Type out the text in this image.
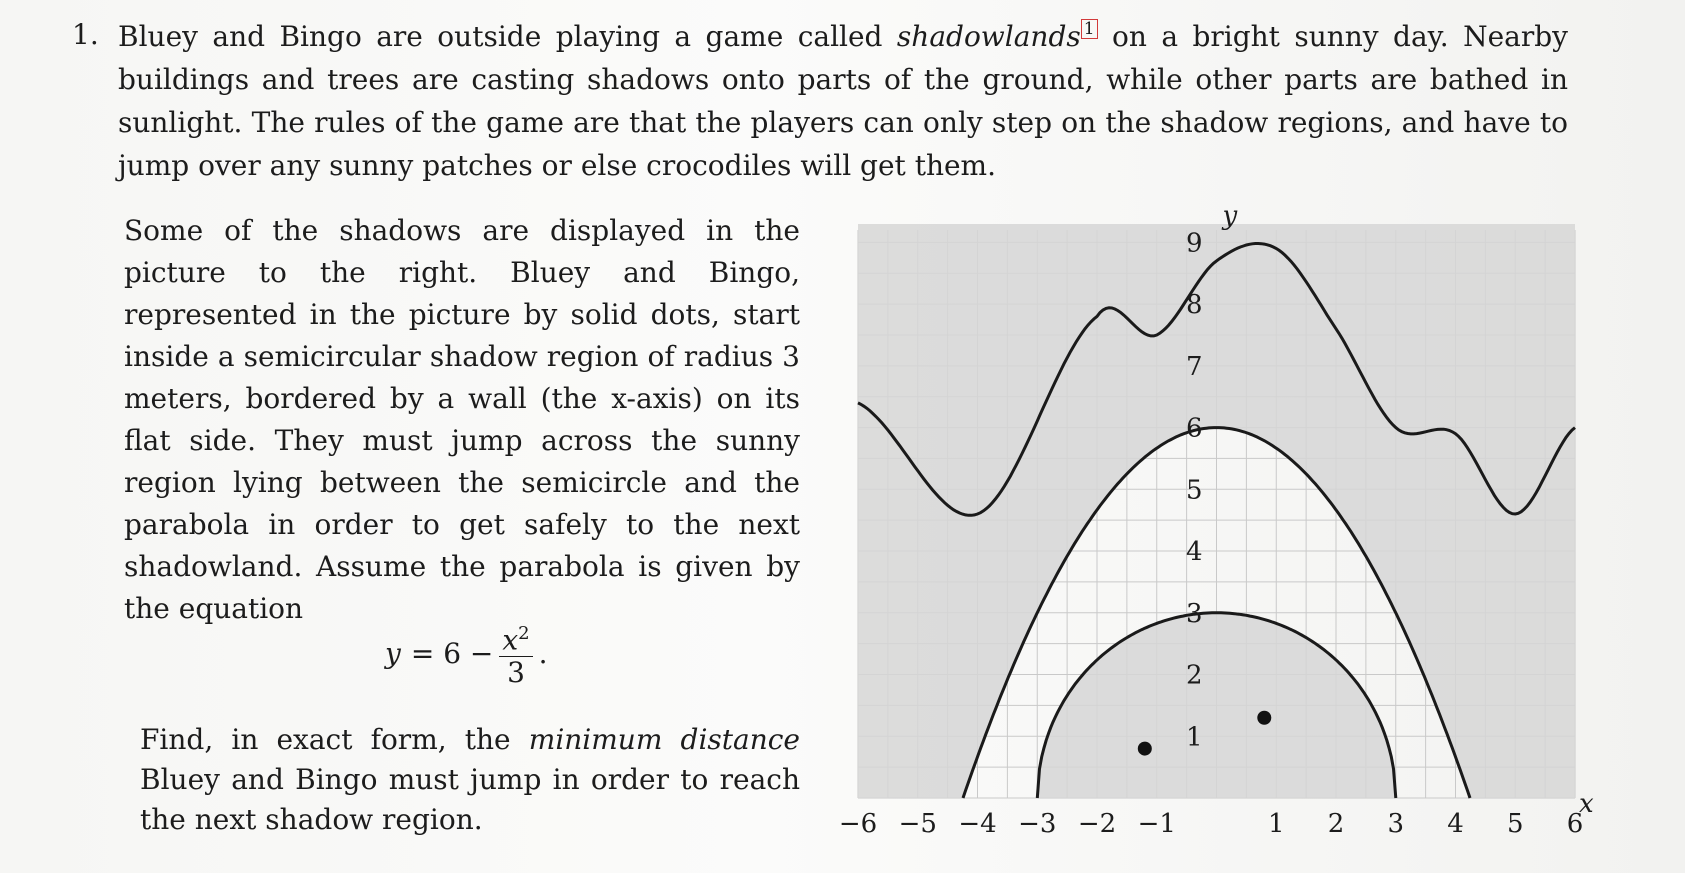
1. Bluey and Bingo are outside playing a game called shadowlands 1 on a bright sunny day. Nearby buildings and trees are casting shadows onto parts of the ground, while other parts are bathed in sunlight. The rules of the game are that the players can only step on the shadow regions, and have to jump over any sunny patches or else crocodiles will get them.
Some of the shadows are displayed in the picture to the right. Bluey and Bingo, represented in the picture by solid dots, start inside a semicircular shadow region of radius 3 meters, bordered by a wall (the x-axis) on its flat side. They must jump across the sunny region lying between the semicircle and the parabola in order to get safely to the next shadowland. Assume the parabola is given by the equation
$y = 6 - \frac{x^2}{3}$ .
Find, in exact form, the minimum distance Bluey and Bingo must jump in order to reach the next shadow region.	−6 −5 −4 −3 −2 −1	1 2 3 4 5 6
1
2
3
4
5
6
7
8
9
x
y
